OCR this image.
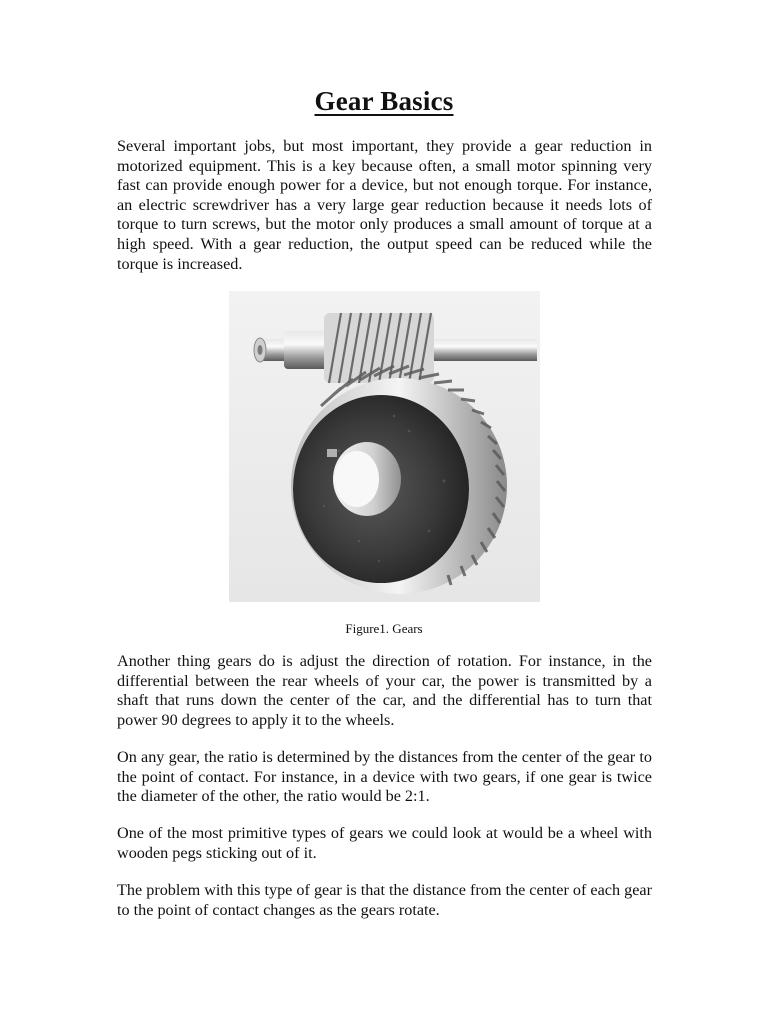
Gear Basics

Several important jobs, but most important, they provide a gear reduction in motorized equipment. This is a key because often, a small motor spinning very fast can provide enough power for a device, but not enough torque. For instance, an electric screwdriver has a very large gear reduction because it needs lots of torque to turn screws, but the motor only produces a small amount of torque at a high speed. With a gear reduction, the output speed can be reduced while the torque is increased.

Figure1. Gears

Another thing gears do is adjust the direction of rotation. For instance, in the differential between the rear wheels of your car, the power is transmitted by a shaft that runs down the center of the car, and the differential has to turn that power 90 degrees to apply it to the wheels.

On any gear, the ratio is determined by the distances from the center of the gear to the point of contact. For instance, in a device with two gears, if one gear is twice the diameter of the other, the ratio would be 2:1.

One of the most primitive types of gears we could look at would be a wheel with wooden pegs sticking out of it.

The problem with this type of gear is that the distance from the center of each gear to the point of contact changes as the gears rotate.
